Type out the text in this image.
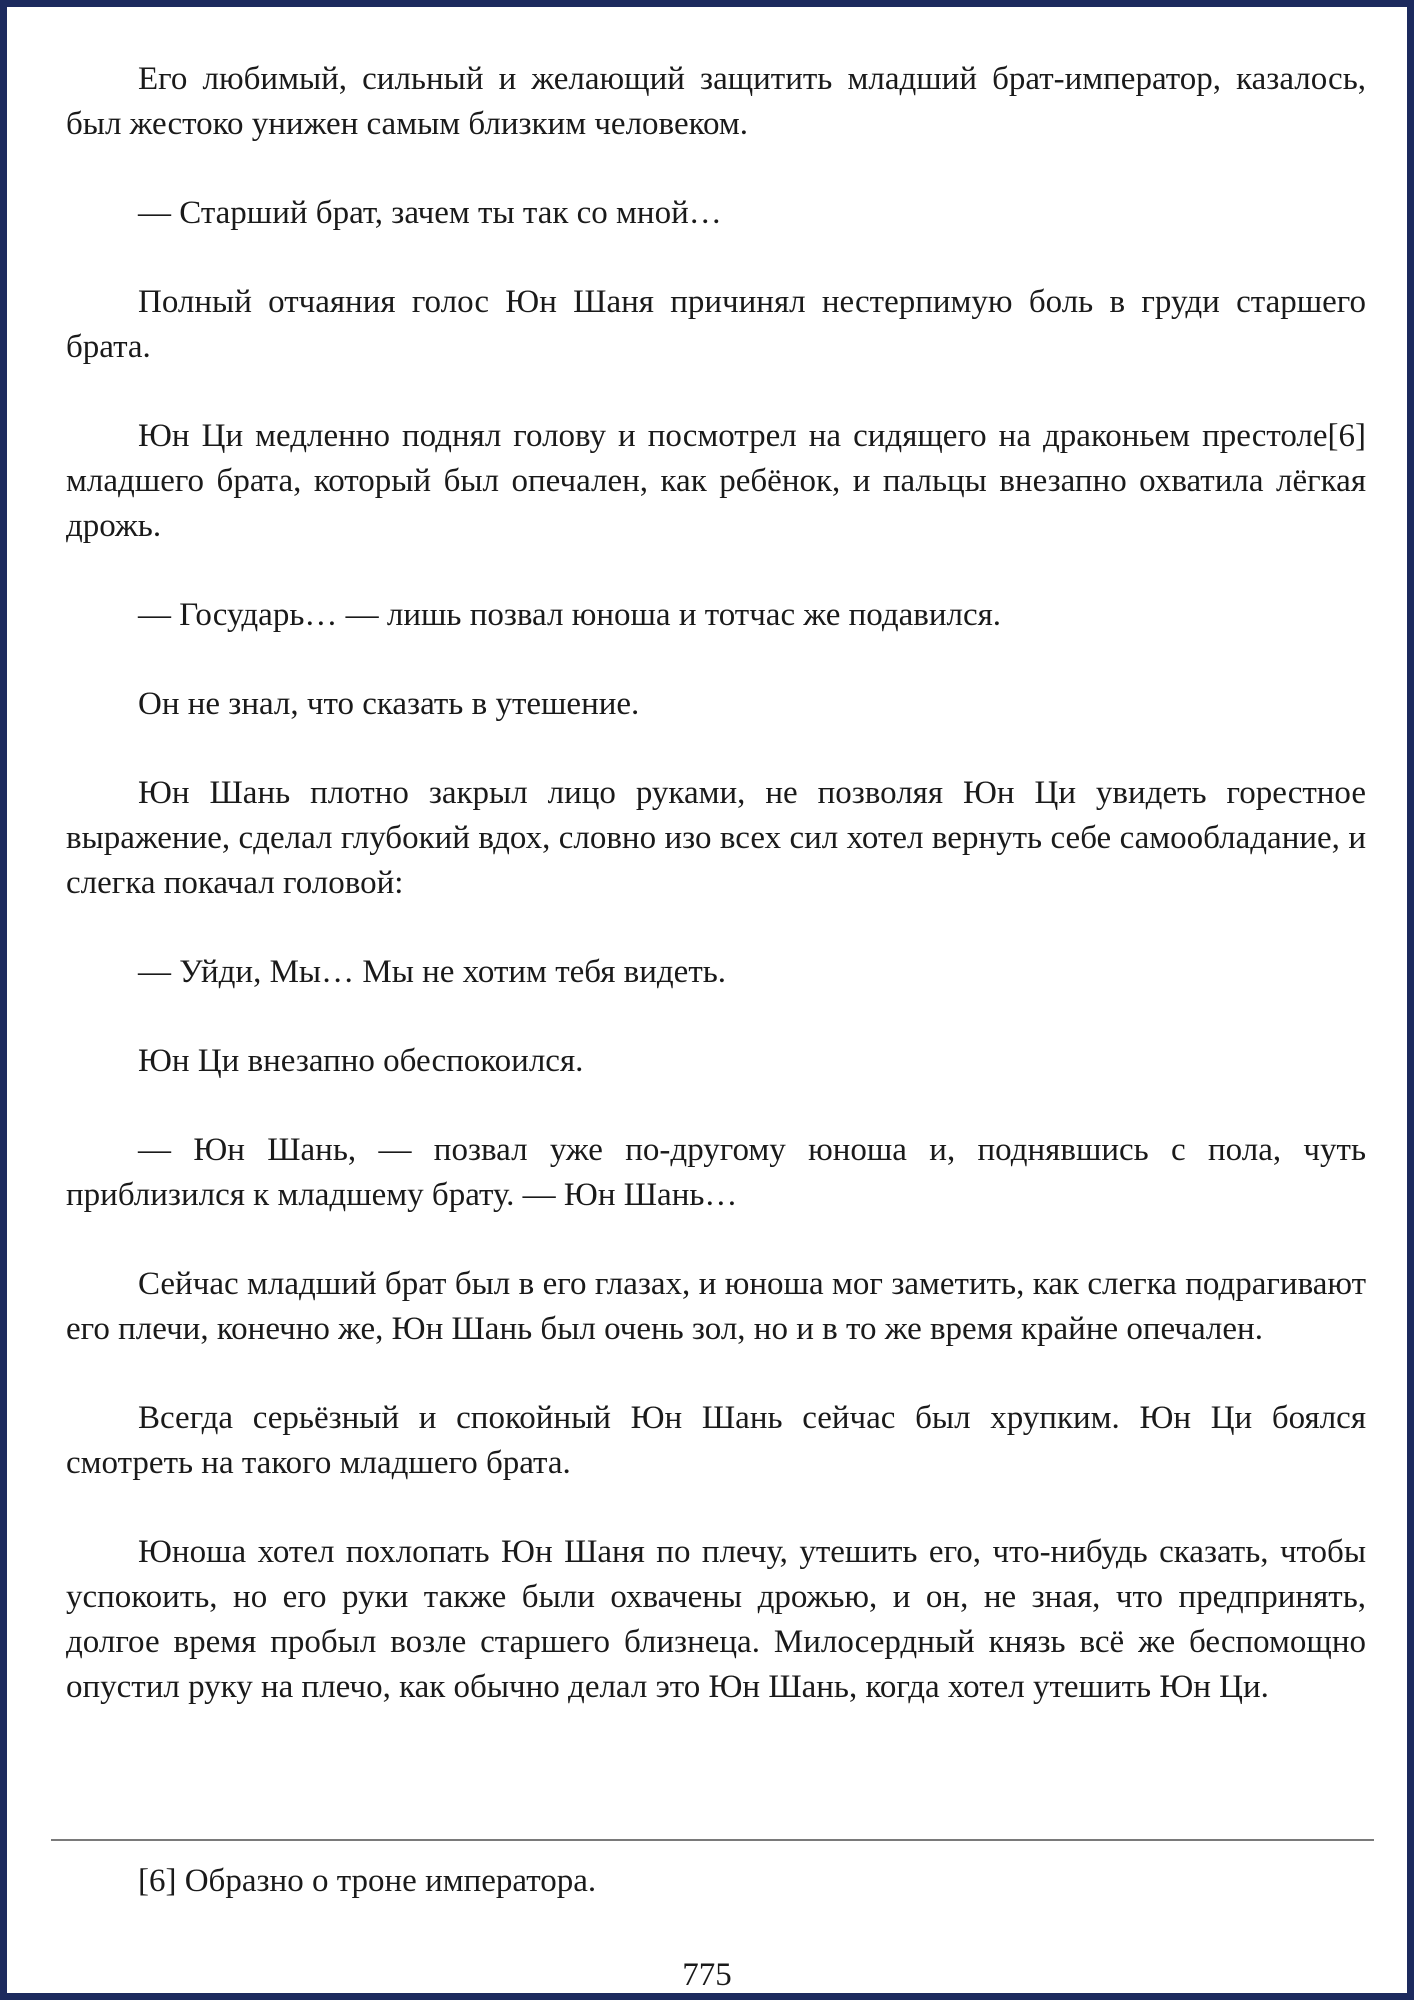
Его любимый, сильный и желающий защитить младший брат-император, казалось, был жестоко унижен самым близким человеком.

— Старший брат, зачем ты так со мной…

Полный отчаяния голос Юн Шаня причинял нестерпимую боль в груди старшего брата.

Юн Ци медленно поднял голову и посмотрел на сидящего на драконьем престоле[6] младшего брата, который был опечален, как ребёнок, и пальцы внезапно охватила лёгкая дрожь.

— Государь… — лишь позвал юноша и тотчас же подавился.

Он не знал, что сказать в утешение.

Юн Шань плотно закрыл лицо руками, не позволяя Юн Ци увидеть горестное выражение, сделал глубокий вдох, словно изо всех сил хотел вернуть себе самообладание, и слегка покачал головой:

— Уйди, Мы… Мы не хотим тебя видеть.

Юн Ци внезапно обеспокоился.

— Юн Шань, — позвал уже по-другому юноша и, поднявшись с пола, чуть приблизился к младшему брату. — Юн Шань…

Сейчас младший брат был в его глазах, и юноша мог заметить, как слегка подрагивают его плечи, конечно же, Юн Шань был очень зол, но и в то же время крайне опечален.

Всегда серьёзный и спокойный Юн Шань сейчас был хрупким. Юн Ци боялся смотреть на такого младшего брата.

Юноша хотел похлопать Юн Шаня по плечу, утешить его, что-нибудь сказать, чтобы успокоить, но его руки также были охвачены дрожью, и он, не зная, что предпринять, долгое время пробыл возле старшего близнеца. Милосердный князь всё же беспомощно опустил руку на плечо, как обычно делал это Юн Шань, когда хотел утешить Юн Ци.

[6] Образно о троне императора.

775
